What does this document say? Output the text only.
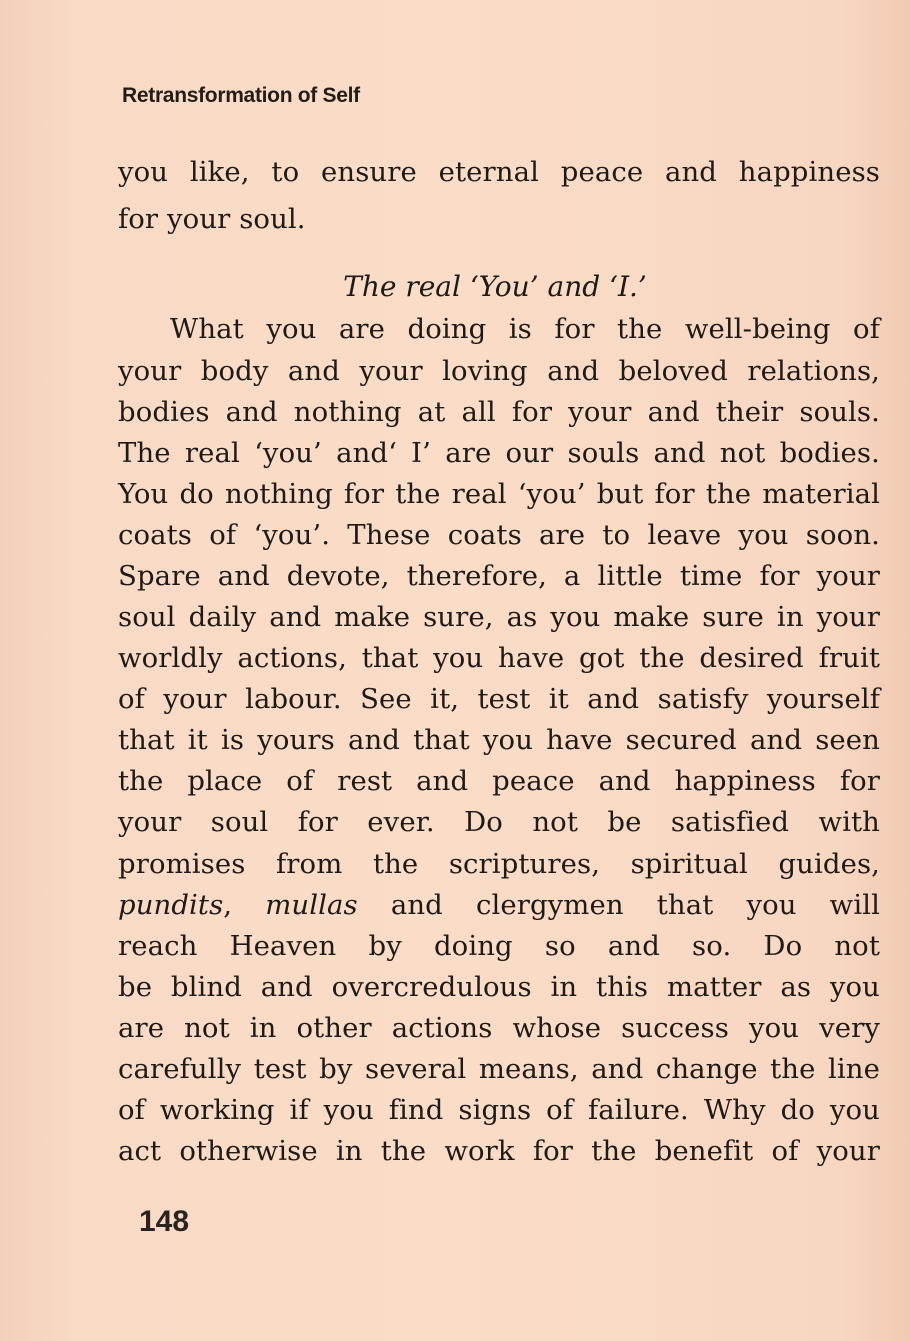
Retransformation of Self
you like, to ensure eternal peace and happiness
for your soul.
The real ‘You’ and ‘I.’
What you are doing is for the well-being of
your body and your loving and beloved relations,
bodies and nothing at all for your and their souls.
The real ‘you’ and‘ I’ are our souls and not bodies.
You do nothing for the real ‘you’ but for the material
coats of ‘you’. These coats are to leave you soon.
Spare and devote, therefore, a little time for your
soul daily and make sure, as you make sure in your
worldly actions, that you have got the desired fruit
of your labour. See it, test it and satisfy yourself
that it is yours and that you have secured and seen
the place of rest and peace and happiness for
your soul for ever. Do not be satisfied with
promises from the scriptures, spiritual guides,
pundits, mullas and clergymen that you will
reach Heaven by doing so and so. Do not
be blind and overcredulous in this matter as you
are not in other actions whose success you very
carefully test by several means, and change the line
of working if you find signs of failure. Why do you
act otherwise in the work for the benefit of your
148
